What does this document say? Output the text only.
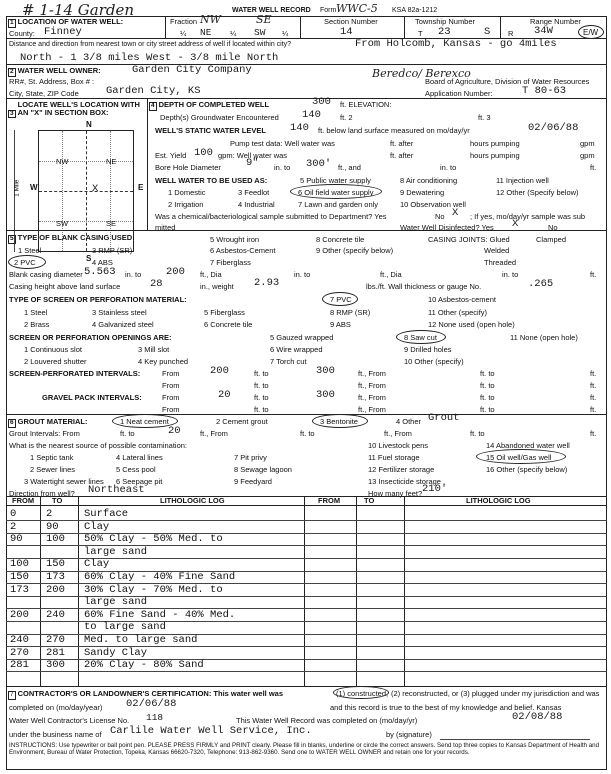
# 1-14 Garden	WATER WELL RECORD Form WWC-5 KSA 82a-1212
1 LOCATION OF WATER WELL:
County: Finney
Fraction NW	SE
¼ NE ¼ SW ¼
Section Number
14
Township Number
T 23	S
Range Number
R 34W	E/W
Distance and direction from nearest town or city street address of well if located within city?	From Holcomb, Kansas - go 4miles
North - 1 3/8 miles West - 3/8 mile North
2 WATER WELL OWNER:	Garden City Company	Beredco/ Berexco
RR#, St. Address, Box # :	Board of Agriculture, Division of Water Resources
City, State, ZIP Code	Garden City, KS	Application Number:	T 80-63
3LOCATE WELL'S LOCATION WITH AN "X" IN SECTION BOX:
N
S
W	E
NW	NE
SW	SE
X
1 Mile
4 DEPTH OF COMPLETED WELL	300 ft. ELEVATION:
Depth(s) Groundwater Encountered 140	ft. 2	ft. 3
WELL'S STATIC WATER LEVEL 140 ft. below land surface measured on mo/day/yr	02/06/88
Pump test data: Well water was	ft. after	hours pumping	gpm
Est. Yield 100 gpm: Well water was	ft. after	hours pumping	gpm
Bore Hole Diameter 9" in. to 300' ft., and	in. to	ft.
WELL WATER TO BE USED AS:
1 Domestic
2 Irrigation
3 Feedlot
4 Industrial
5 Public water supply
6 Oil field water supply
7 Lawn and garden only
8 Air conditioning
9 Dewatering
10 Observation well
11 Injection well
12 Other (Specify below)
Was a chemical/bacteriological sample submitted to Department? Yes	No X ; If yes, mo/day/yr sample was sub
mitted	Water Well Disinfected? Yes X	No
5 TYPE OF BLANK CASING USED:
1 Steel
2 PVC
3 RMP (SR)
4 ABS
5 Wrought iron
6 Asbestos-Cement
7 Fiberglass
8 Concrete tile
9 Other (specify below)
CASING JOINTS: Glued	Clamped
Welded
Threaded
Blank casing diameter 5.563 in. to 200 ft., Dia	in. to	ft., Dia	in. to	ft.
Casing height above land surface	28	in., weight 2.93	lbs./ft. Wall thickness or gauge No.	.265
TYPE OF SCREEN OR PERFORATION MATERIAL:	7 PVC	10 Asbestos-cement
1 Steel
2 Brass
3 Stainless steel
4 Galvanized steel
5 Fiberglass
6 Concrete tile
8 RMP (SR)
9 ABS
11 Other (specify)
12 None used (open hole)
SCREEN OR PERFORATION OPENINGS ARE:	5 Gauzed wrapped	8 Saw cut	11 None (open hole)
1 Continuous slot
2 Louvered shutter
3 Mill slot
4 Key punched
6 Wire wrapped
7 Torch cut
9 Drilled holes
10 Other (specify)
SCREEN-PERFORATED INTERVALS:	From	200	ft. to	300	ft., From	ft. to	ft.
From	ft. to	ft., From	ft. to	ft.
GRAVEL PACK INTERVALS:	From	20	ft. to	300	ft., From	ft. to	ft.
From	ft. to	ft., From	ft. to	ft.
6 GROUT MATERIAL:	1 Neat cement	2 Cement grout	3 Bentonite	4 Other Grout
Grout Intervals: From	ft. to	20	ft., From	ft. to	ft., From	ft. to	ft.
What is the nearest source of possible contamination:
1 Septic tank
2 Sewer lines
3 Watertight sewer lines
4 Lateral lines
5 Cess pool
6 Seepage pit
7 Pit privy
8 Sewage lagoon
9 Feedyard
10 Livestock pens
11 Fuel storage
12 Fertilizer storage
13 Insecticide storage
14 Abandoned water well
15 Oil well/Gas well
16 Other (specify below)
Direction from well? Northeast	How many feet? 210'
FROM TO	LITHOLOGIC LOG	FROM	TO	LITHOLOGIC LOG
0	2	Surface
2	90 Clay
90 100 50% Clay - 50% Med. to
large sand
100 150 Clay
150 173 60% Clay - 40% Fine Sand
173 200 30% Clay - 70% Med. to
large sand
200 240 60% Fine Sand - 40% Med.
to large sand
240 270 Med. to large sand
270 281 Sandy Clay
281 300 20% Clay - 80% Sand
7 CONTRACTOR'S OR LANDOWNER'S CERTIFICATION: This water well was	(1) constructed, (2) reconstructed, or (3) plugged under my jurisdiction and was
completed on (mo/day/year) 02/06/88	and this record is true to the best of my knowledge and belief. Kansas
Water Well Contractor's License No. 118	This Water Well Record was completed on (mo/day/yr)	02/08/88
under the business name of Carlile Water Well Service, Inc.	by (signature)
INSTRUCTIONS: Use typewriter or ball point pen. PLEASE PRESS FIRMLY and PRINT clearly. Please fill in blanks, underline or circle the correct answers. Send top three copies to Kansas Department of Health and Environment, Bureau of Water Protection, Topeka, Kansas 66620-7320, Telephone: 913-862-9360. Send one to WATER WELL OWNER and retain one for your records.
